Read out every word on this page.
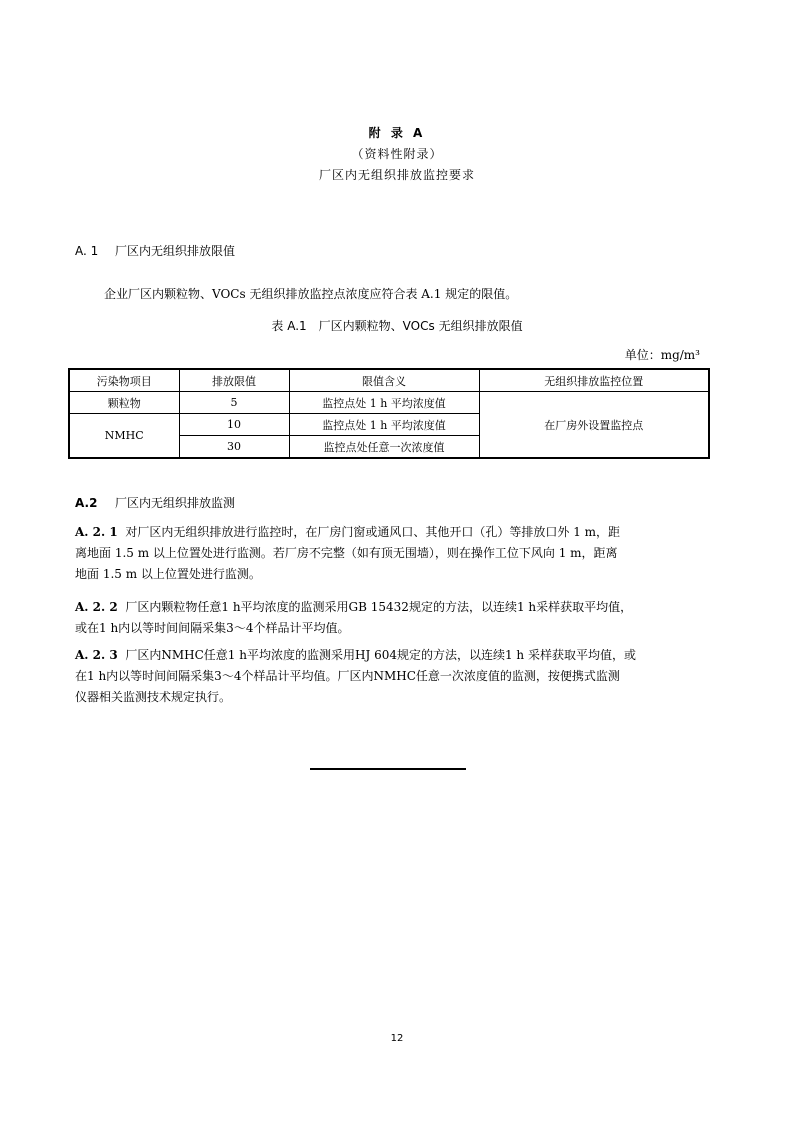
附 录 A
（资料性附录）
厂区内无组织排放监控要求
A. 1 厂区内无组织排放限值
企业厂区内颗粒物、VOCs 无组织排放监控点浓度应符合表 A.1 规定的限值。
表 A.1　厂区内颗粒物、VOCs 无组织排放限值
单位：mg/m³
污染物项目	排放限值	限值含义	无组织排放监控位置
颗粒物	5	监控点处 1 h 平均浓度值	在厂房外设置监控点
NMHC	10	监控点处 1 h 平均浓度值	
	30	监控点处任意一次浓度值	
A.2 厂区内无组织排放监测
A. 2. 1 对厂区内无组织排放进行监控时，在厂房门窗或通风口、其他开口（孔）等排放口外 1 m，距
离地面 1.5 m 以上位置处进行监测。若厂房不完整（如有顶无围墙），则在操作工位下风向 1 m，距离
地面 1.5 m 以上位置处进行监测。
A. 2. 2 厂区内颗粒物任意1 h平均浓度的监测采用GB 15432规定的方法，以连续1 h采样获取平均值，
或在1 h内以等时间间隔采集3～4个样品计平均值。
A. 2. 3 厂区内NMHC任意1 h平均浓度的监测采用HJ 604规定的方法，以连续1 h 采样获取平均值，或
在1 h内以等时间间隔采集3～4个样品计平均值。厂区内NMHC任意一次浓度值的监测，按便携式监测
仪器相关监测技术规定执行。
12
